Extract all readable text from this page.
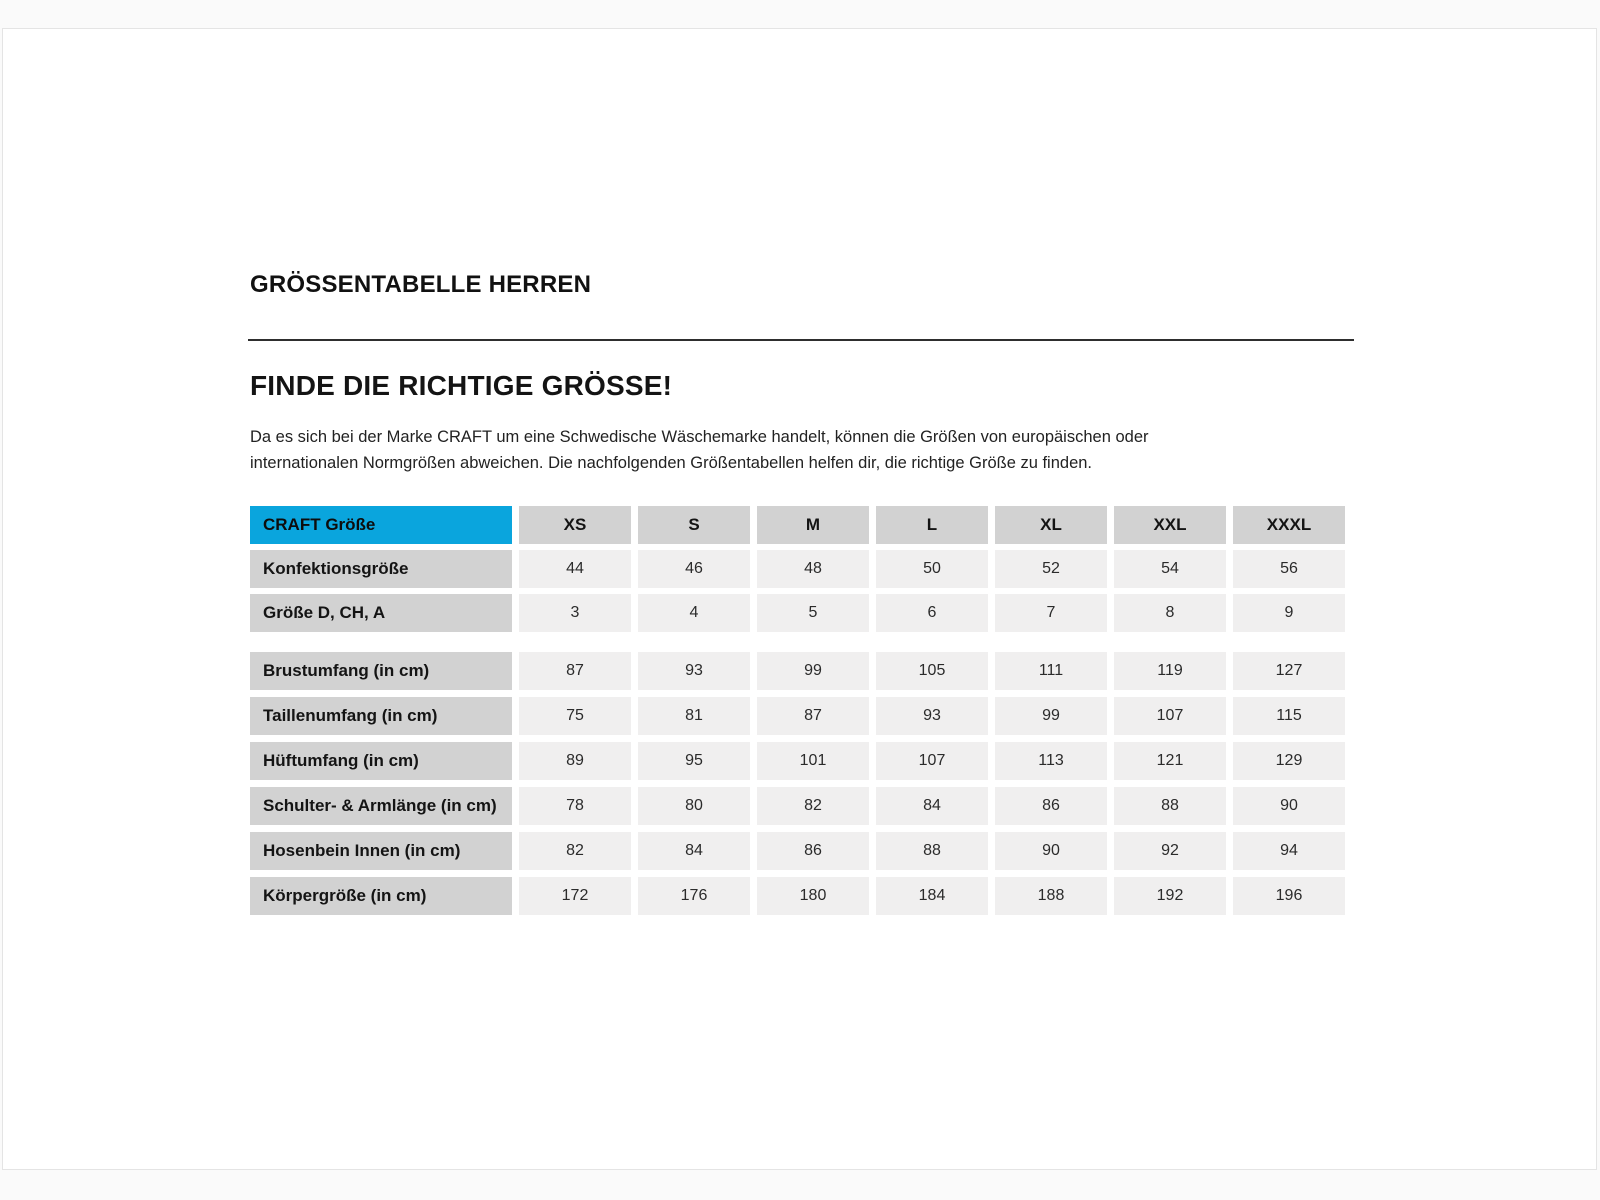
GRÖSSENTABELLE HERREN
FINDE DIE RICHTIGE GRÖSSE!

Da es sich bei der Marke CRAFT um eine Schwedische Wäschemarke handelt, können die Größen von europäischen oder
internationalen Normgrößen abweichen. Die nachfolgenden Größentabellen helfen dir, die richtige Größe zu finden.

CRAFT Größe	XS	S	M	L	XL	XXL	XXXL
Konfektionsgröße	44	46	48	50	52	54	56
Größe D, CH, A	3	4	5	6	7	8	9
Brustumfang (in cm)	87	93	99	105	111	119	127
Taillenumfang (in cm)	75	81	87	93	99	107	115
Hüftumfang (in cm)	89	95	101	107	113	121	129
Schulter- & Armlänge (in cm)	78	80	82	84	86	88	90
Hosenbein Innen (in cm)	82	84	86	88	90	92	94
Körpergröße (in cm)	172	176	180	184	188	192	196
